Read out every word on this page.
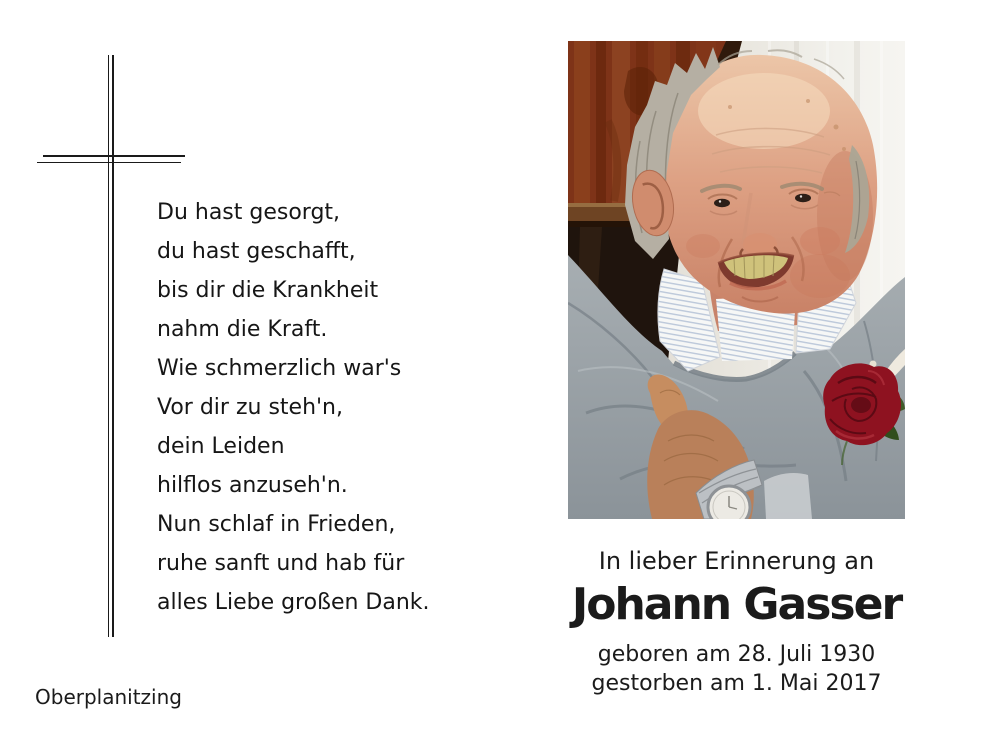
Du hast gesorgt,
du hast geschafft,
bis dir die Krankheit
nahm die Kraft.
Wie schmerzlich war's
Vor dir zu steh'n,
dein Leiden
hilflos anzuseh'n.
Nun schlaf in Frieden,
ruhe sanft und hab für
alles Liebe großen Dank.
In lieber Erinnerung an
Johann Gasser
geboren am 28. Juli 1930
gestorben am 1. Mai 2017
Oberplanitzing
